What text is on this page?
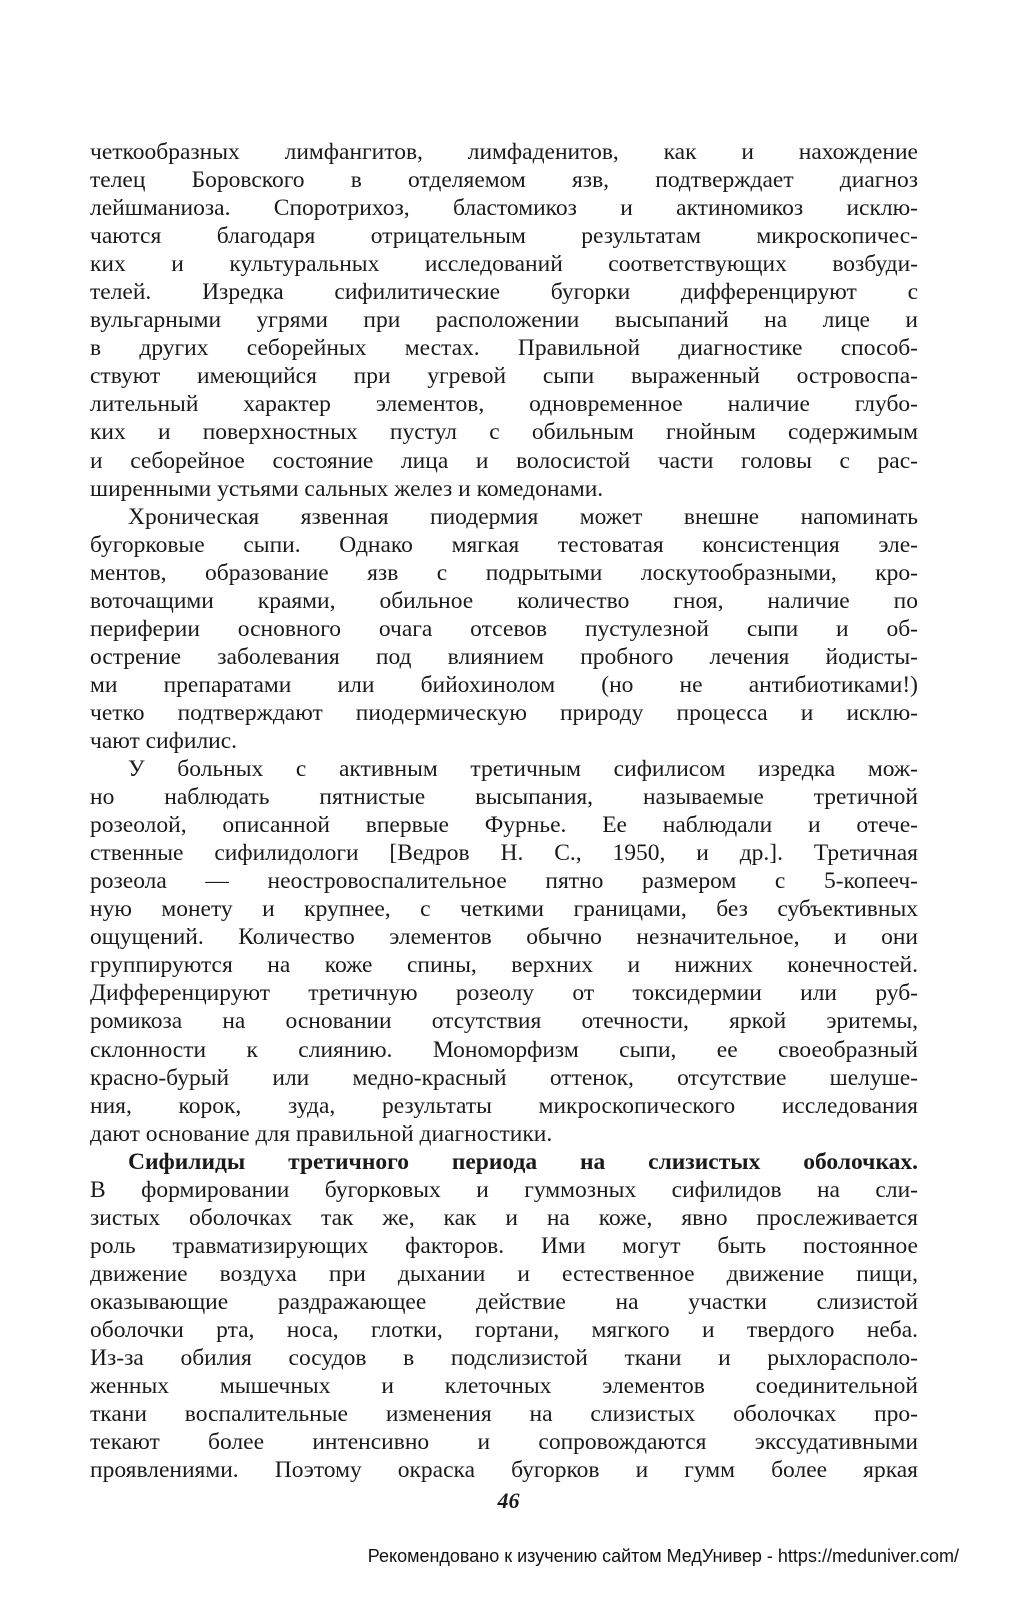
четкообразных лимфангитов, лимфаденитов, как и нахождение
телец Боровского в отделяемом язв, подтверждает диагноз
лейшманиоза. Споротрихоз, бластомикоз и актиномикоз исклю-
чаются благодаря отрицательным результатам микроскопичес-
ких и культуральных исследований соответствующих возбуди-
телей. Изредка сифилитические бугорки дифференцируют с
вульгарными угрями при расположении высыпаний на лице и
в других себорейных местах. Правильной диагностике способ-
ствуют имеющийся при угревой сыпи выраженный островоспа-
лительный характер элементов, одновременное наличие глубо-
ких и поверхностных пустул с обильным гнойным содержимым
и себорейное состояние лица и волосистой части головы с рас-
ширенными устьями сальных желез и комедонами.
Хроническая язвенная пиодермия может внешне напоминать
бугорковые сыпи. Однако мягкая тестоватая консистенция эле-
ментов, образование язв с подрытыми лоскутообразными, кро-
воточащими краями, обильное количество гноя, наличие по
периферии основного очага отсевов пустулезной сыпи и об-
острение заболевания под влиянием пробного лечения йодисты-
ми препаратами или бийохинолом (но не антибиотиками!)
четко подтверждают пиодермическую природу процесса и исклю-
чают сифилис.
У больных с активным третичным сифилисом изредка мож-
но наблюдать пятнистые высыпания, называемые третичной
розеолой, описанной впервые Фурнье. Ее наблюдали и отече-
ственные сифилидологи [Ведров Н. С., 1950, и др.]. Третичная
розеола — неостровоспалительное пятно размером с 5-копееч-
ную монету и крупнее, с четкими границами, без субъективных
ощущений. Количество элементов обычно незначительное, и они
группируются на коже спины, верхних и нижних конечностей.
Дифференцируют третичную розеолу от токсидермии или руб-
ромикоза на основании отсутствия отечности, яркой эритемы,
склонности к слиянию. Мономорфизм сыпи, ее своеобразный
красно-бурый или медно-красный оттенок, отсутствие шелуше-
ния, корок, зуда, результаты микроскопического исследования
дают основание для правильной диагностики.
Сифилиды третичного периода на слизистых оболочках.
В формировании бугорковых и гуммозных сифилидов на сли-
зистых оболочках так же, как и на коже, явно прослеживается
роль травматизирующих факторов. Ими могут быть постоянное
движение воздуха при дыхании и естественное движение пищи,
оказывающие раздражающее действие на участки слизистой
оболочки рта, носа, глотки, гортани, мягкого и твердого неба.
Из-за обилия сосудов в подслизистой ткани и рыхлорасполо-
женных мышечных и клеточных элементов соединительной
ткани воспалительные изменения на слизистых оболочках про-
текают более интенсивно и сопровождаются экссудативными
проявлениями. Поэтому окраска бугорков и гумм более яркая
46
Рекомендовано к изучению сайтом МедУнивер - https://meduniver.com/
